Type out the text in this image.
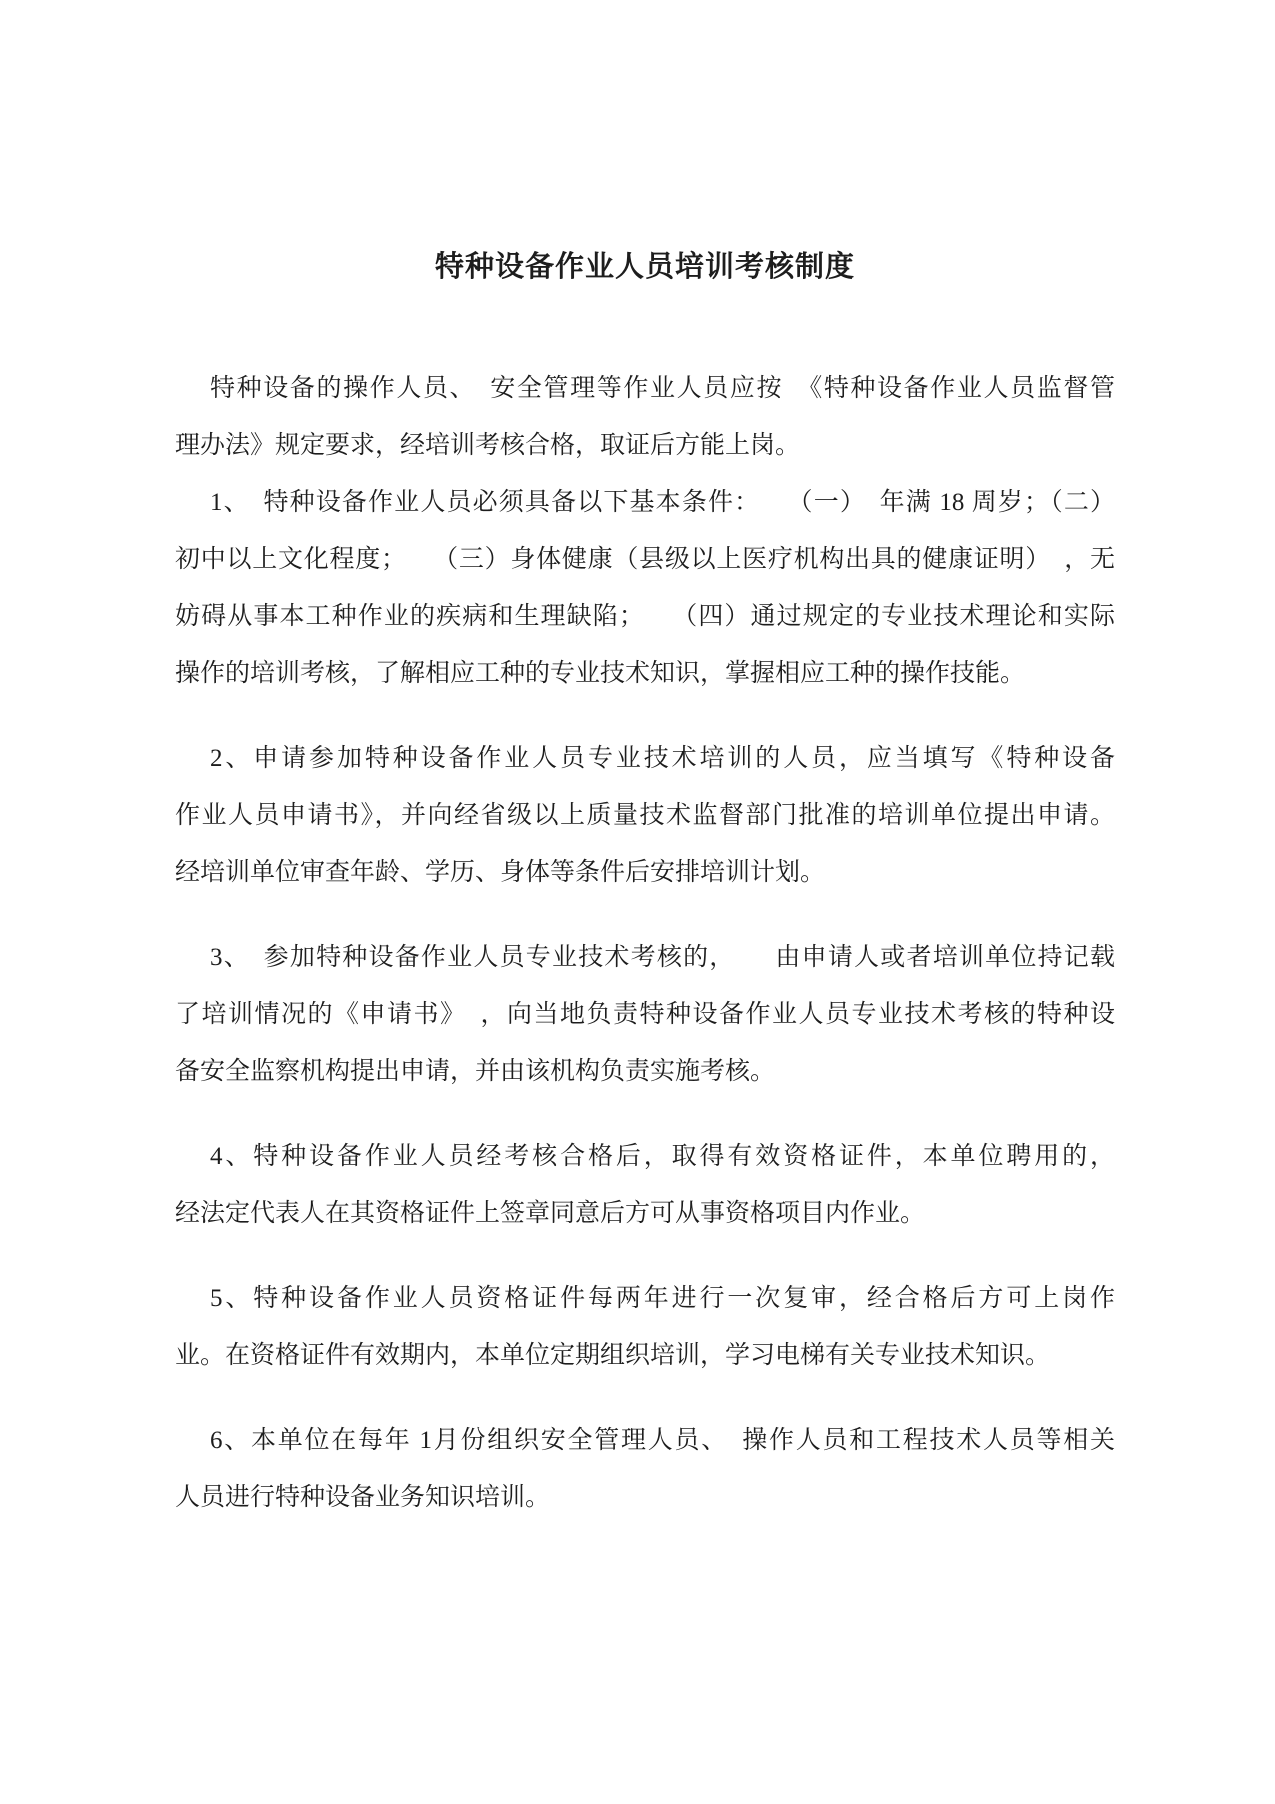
特种设备作业人员培训考核制度

特种设备的操作人员、　安全管理等作业人员应按　《特种设备作业人员监督管
理办法》规定要求，经培训考核合格，取证后方能上岗。

1、　特种设备作业人员必须具备以下基本条件：　　（一）　年满 18 周岁；（二）
初中以上文化程度；　　（三）身体健康（县级以上医疗机构出具的健康证明）　，无
妨碍从事本工种作业的疾病和生理缺陷；　　（四）通过规定的专业技术理论和实际
操作的培训考核，了解相应工种的专业技术知识，掌握相应工种的操作技能。

2、申请参加特种设备作业人员专业技术培训的人员，应当填写《特种设备
作业人员申请书》，并向经省级以上质量技术监督部门批准的培训单位提出申请。
经培训单位审查年龄、学历、身体等条件后安排培训计划。

3、　参加特种设备作业人员专业技术考核的，　　由申请人或者培训单位持记载
了培训情况的《申请书》　，向当地负责特种设备作业人员专业技术考核的特种设
备安全监察机构提出申请，并由该机构负责实施考核。

4、特种设备作业人员经考核合格后，取得有效资格证件，本单位聘用的，
经法定代表人在其资格证件上签章同意后方可从事资格项目内作业。

5、特种设备作业人员资格证件每两年进行一次复审，经合格后方可上岗作
业。在资格证件有效期内，本单位定期组织培训，学习电梯有关专业技术知识。

6、本单位在每年 1月份组织安全管理人员、　操作人员和工程技术人员等相关
人员进行特种设备业务知识培训。
